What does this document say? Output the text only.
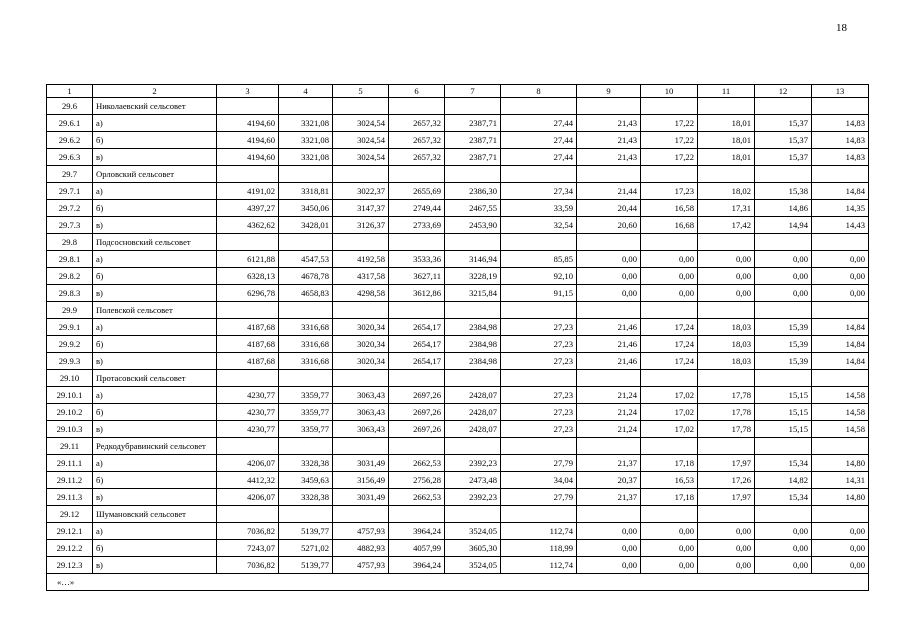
18
1	2	3	4	5	6	7	8	9	10	11	12	13
29.6	Николаевский сельсовет											
29.6.1	а)	4194,60	3321,08	3024,54	2657,32	2387,71	27,44	21,43	17,22	18,01	15,37	14,83
29.6.2	б)	4194,60	3321,08	3024,54	2657,32	2387,71	27,44	21,43	17,22	18,01	15,37	14,83
29.6.3	в)	4194,60	3321,08	3024,54	2657,32	2387,71	27,44	21,43	17,22	18,01	15,37	14,83
29.7	Орловский сельсовет											
29.7.1	а)	4191,02	3318,81	3022,37	2655,69	2386,30	27,34	21,44	17,23	18,02	15,38	14,84
29.7.2	б)	4397,27	3450,06	3147,37	2749,44	2467,55	33,59	20,44	16,58	17,31	14,86	14,35
29.7.3	в)	4362,62	3428,01	3126,37	2733,69	2453,90	32,54	20,60	16,68	17,42	14,94	14,43
29.8	Подсосновский сельсовет											
29.8.1	а)	6121,88	4547,53	4192,58	3533,36	3146,94	85,85	0,00	0,00	0,00	0,00	0,00
29.8.2	б)	6328,13	4678,78	4317,58	3627,11	3228,19	92,10	0,00	0,00	0,00	0,00	0,00
29.8.3	в)	6296,78	4658,83	4298,58	3612,86	3215,84	91,15	0,00	0,00	0,00	0,00	0,00
29.9	Полевской сельсовет											
29.9.1	а)	4187,68	3316,68	3020,34	2654,17	2384,98	27,23	21,46	17,24	18,03	15,39	14,84
29.9.2	б)	4187,68	3316,68	3020,34	2654,17	2384,98	27,23	21,46	17,24	18,03	15,39	14,84
29.9.3	в)	4187,68	3316,68	3020,34	2654,17	2384,98	27,23	21,46	17,24	18,03	15,39	14,84
29.10	Протасовский сельсовет											
29.10.1	а)	4230,77	3359,77	3063,43	2697,26	2428,07	27,23	21,24	17,02	17,78	15,15	14,58
29.10.2	б)	4230,77	3359,77	3063,43	2697,26	2428,07	27,23	21,24	17,02	17,78	15,15	14,58
29.10.3	в)	4230,77	3359,77	3063,43	2697,26	2428,07	27,23	21,24	17,02	17,78	15,15	14,58
29.11	Редкодубравинский сельсовет											
29.11.1	а)	4206,07	3328,38	3031,49	2662,53	2392,23	27,79	21,37	17,18	17,97	15,34	14,80
29.11.2	б)	4412,32	3459,63	3156,49	2756,28	2473,48	34,04	20,37	16,53	17,26	14,82	14,31
29.11.3	в)	4206,07	3328,38	3031,49	2662,53	2392,23	27,79	21,37	17,18	17,97	15,34	14,80
29.12	Шумановский сельсовет											
29.12.1	а)	7036,82	5139,77	4757,93	3964,24	3524,05	112,74	0,00	0,00	0,00	0,00	0,00
29.12.2	б)	7243,07	5271,02	4882,93	4057,99	3605,30	118,99	0,00	0,00	0,00	0,00	0,00
29.12.3	в)	7036,82	5139,77	4757,93	3964,24	3524,05	112,74	0,00	0,00	0,00	0,00	0,00
«…»												
